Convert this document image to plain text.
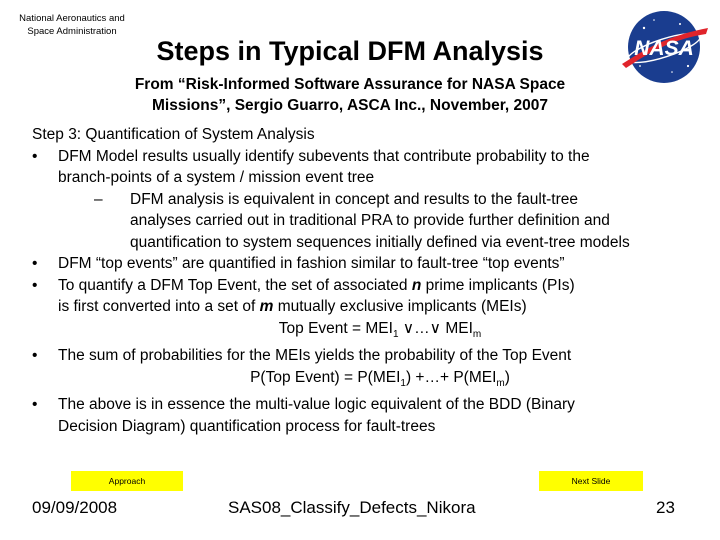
National Aeronautics and
Space Administration
NASA
Steps in Typical DFM Analysis
From “Risk-Informed Software Assurance for NASA Space
Missions”, Sergio Guarro, ASCA Inc., November, 2007
Step 3: Quantification of System Analysis
• DFM Model results usually identify subevents that contribute probability to the
branch-points of a system / mission event tree
– DFM analysis is equivalent in concept and results to the fault-tree
analyses carried out in traditional PRA to provide further definition and
quantification to system sequences initially defined via event-tree models
• DFM “top events” are quantified in fashion similar to fault-tree “top events”
• To quantify a DFM Top Event, the set of associated n prime implicants (PIs)
is first converted into a set of m mutually exclusive implicants (MEIs)
Top Event = $MEI_1$ ∨…∨ $MEI_m$
• The sum of probabilities for the MEIs yields the probability of the Top Event
P(Top Event) = $P(MEI_1)$ +…+ $P(MEI_m)$
• The above is in essence the multi-value logic equivalent of the BDD (Binary
Decision Diagram) quantification process for fault-trees
Approach	Next Slide
09/09/2008	SAS08_Classify_Defects_Nikora	23
